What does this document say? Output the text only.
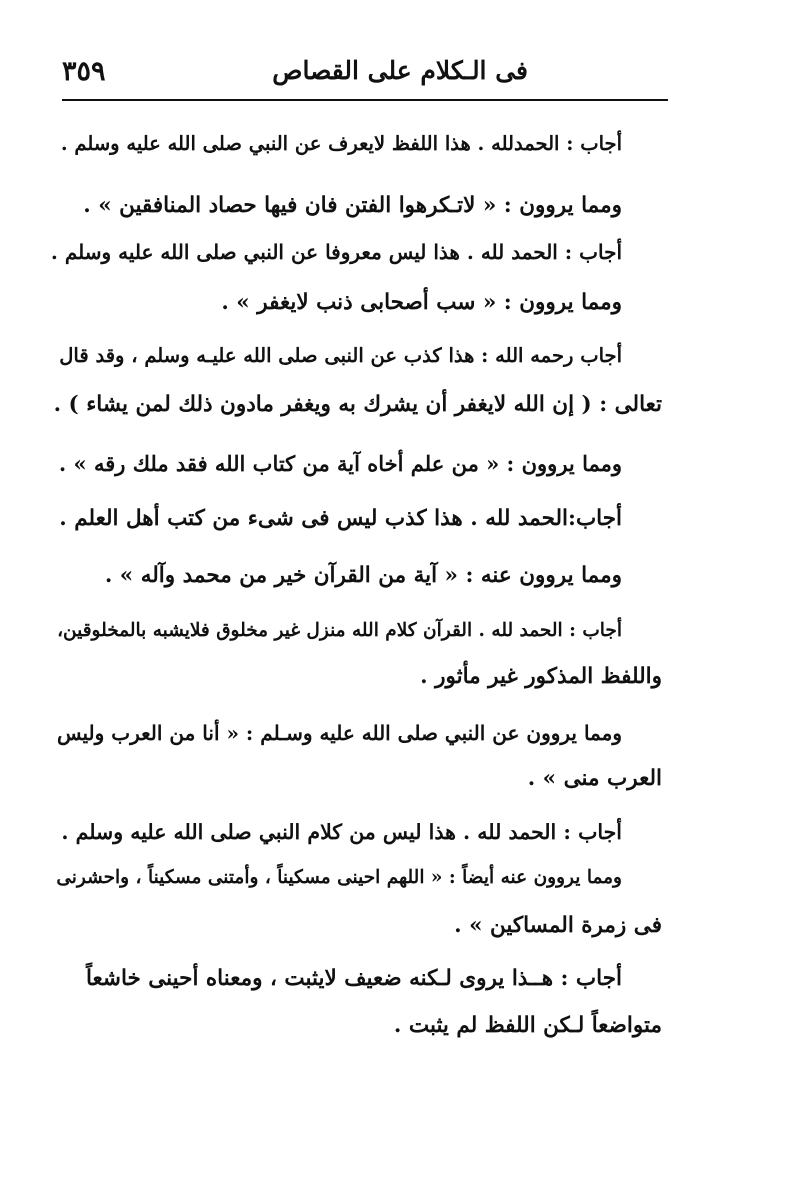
فى الـكلام على القصاص
٣٥٩
أجاب : الحمدلله . هذا اللفظ لايعرف عن النبي صلى الله عليه وسلم .
ومما يروون : « لاتـكرهوا الفتن فان فيها حصاد المنافقين » .
أجاب : الحمد لله . هذا ليس معروفا عن النبي صلى الله عليه وسلم .
ومما يروون : « سب أصحابى ذنب لايغفر » .
أجاب رحمه الله : هذا كذب عن النبى صلى الله عليـه وسلم ، وقد قال
تعالى : ( إن الله لايغفر أن يشرك به ويغفر مادون ذلك لمن يشاء ) .
ومما يروون : « من علم أخاه آية من كتاب الله فقد ملك رقه » .
أجاب:الحمد لله . هذا كذب ليس فى شىء من كتب أهل العلم .
ومما يروون عنه : « آية من القرآن خير من محمد وآله » .
أجاب : الحمد لله . القرآن كلام الله منزل غير مخلوق فلايشبه بالمخلوقين،
واللفظ المذكور غير مأثور .
ومما يروون عن النبي صلى الله عليه وسـلم : « أنا من العرب وليس
العرب منى » .
أجاب : الحمد لله . هذا ليس من كلام النبي صلى الله عليه وسلم .
ومما يروون عنه أيضاً : « اللهم احينى مسكيناً ، وأمتنى مسكيناً ، واحشرنى
فى زمرة المساكين » .
أجاب : هــذا يروى لـكنه ضعيف لايثبت ، ومعناه أحينى خاشعاً
متواضعاً لـكن اللفظ لم يثبت .
